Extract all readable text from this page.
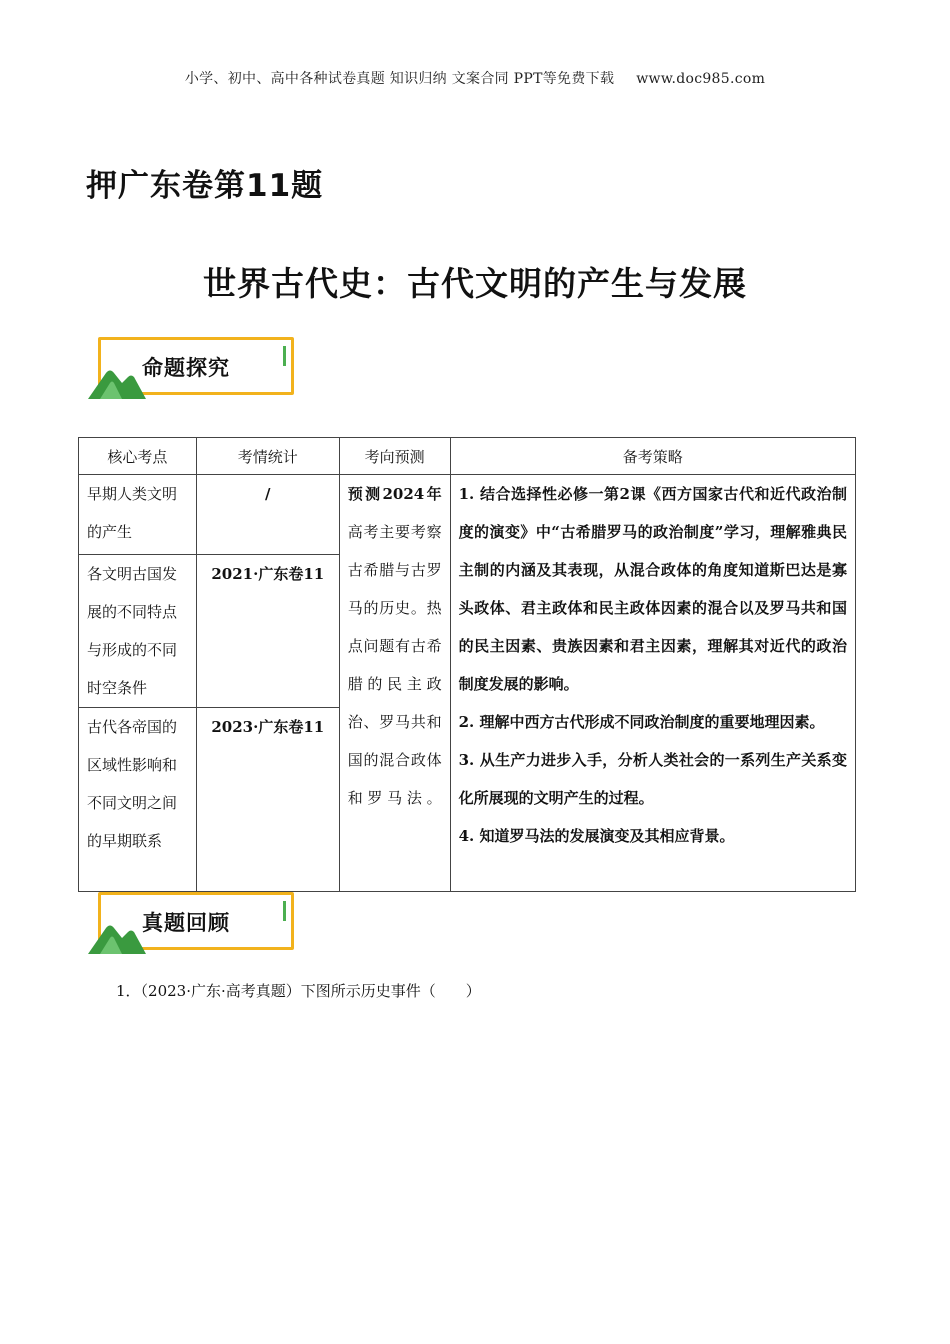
小学、初中、高中各种试卷真题 知识归纳 文案合同 PPT等免费下载 www.doc985.com
押广东卷第11题
世界古代史：古代文明的产生与发展
命题探究
核心考点	考情统计	考向预测	备考策略
早期人类文明的产生	/	预测2024年高考主要考察古希腊与古罗马的历史。热点问题有古希腊的民主政治、罗马共和国的混合政体和罗马法。	1. 结合选择性必修一第2课《西方国家古代和近代政治制度的演变》中“古希腊罗马的政治制度”学习，理解雅典民主制的内涵及其表现，从混合政体的角度知道斯巴达是寡头政体、君主政体和民主政体因素的混合以及罗马共和国的民主因素、贵族因素和君主因素，理解其对近代的政治制度发展的影响。

2. 理解中西方古代形成不同政治制度的重要地理因素。

3. 从生产力进步入手，分析人类社会的一系列生产关系变化所展现的文明产生的过程。

4. 知道罗马法的发展演变及其相应背景。

各文明古国发展的不同特点与形成的不同时空条件	2021·广东卷11		
古代各帝国的区域性影响和不同文明之间的早期联系	2023·广东卷11		
真题回顾
1．（2023·广东·高考真题）下图所示历史事件（　　）
